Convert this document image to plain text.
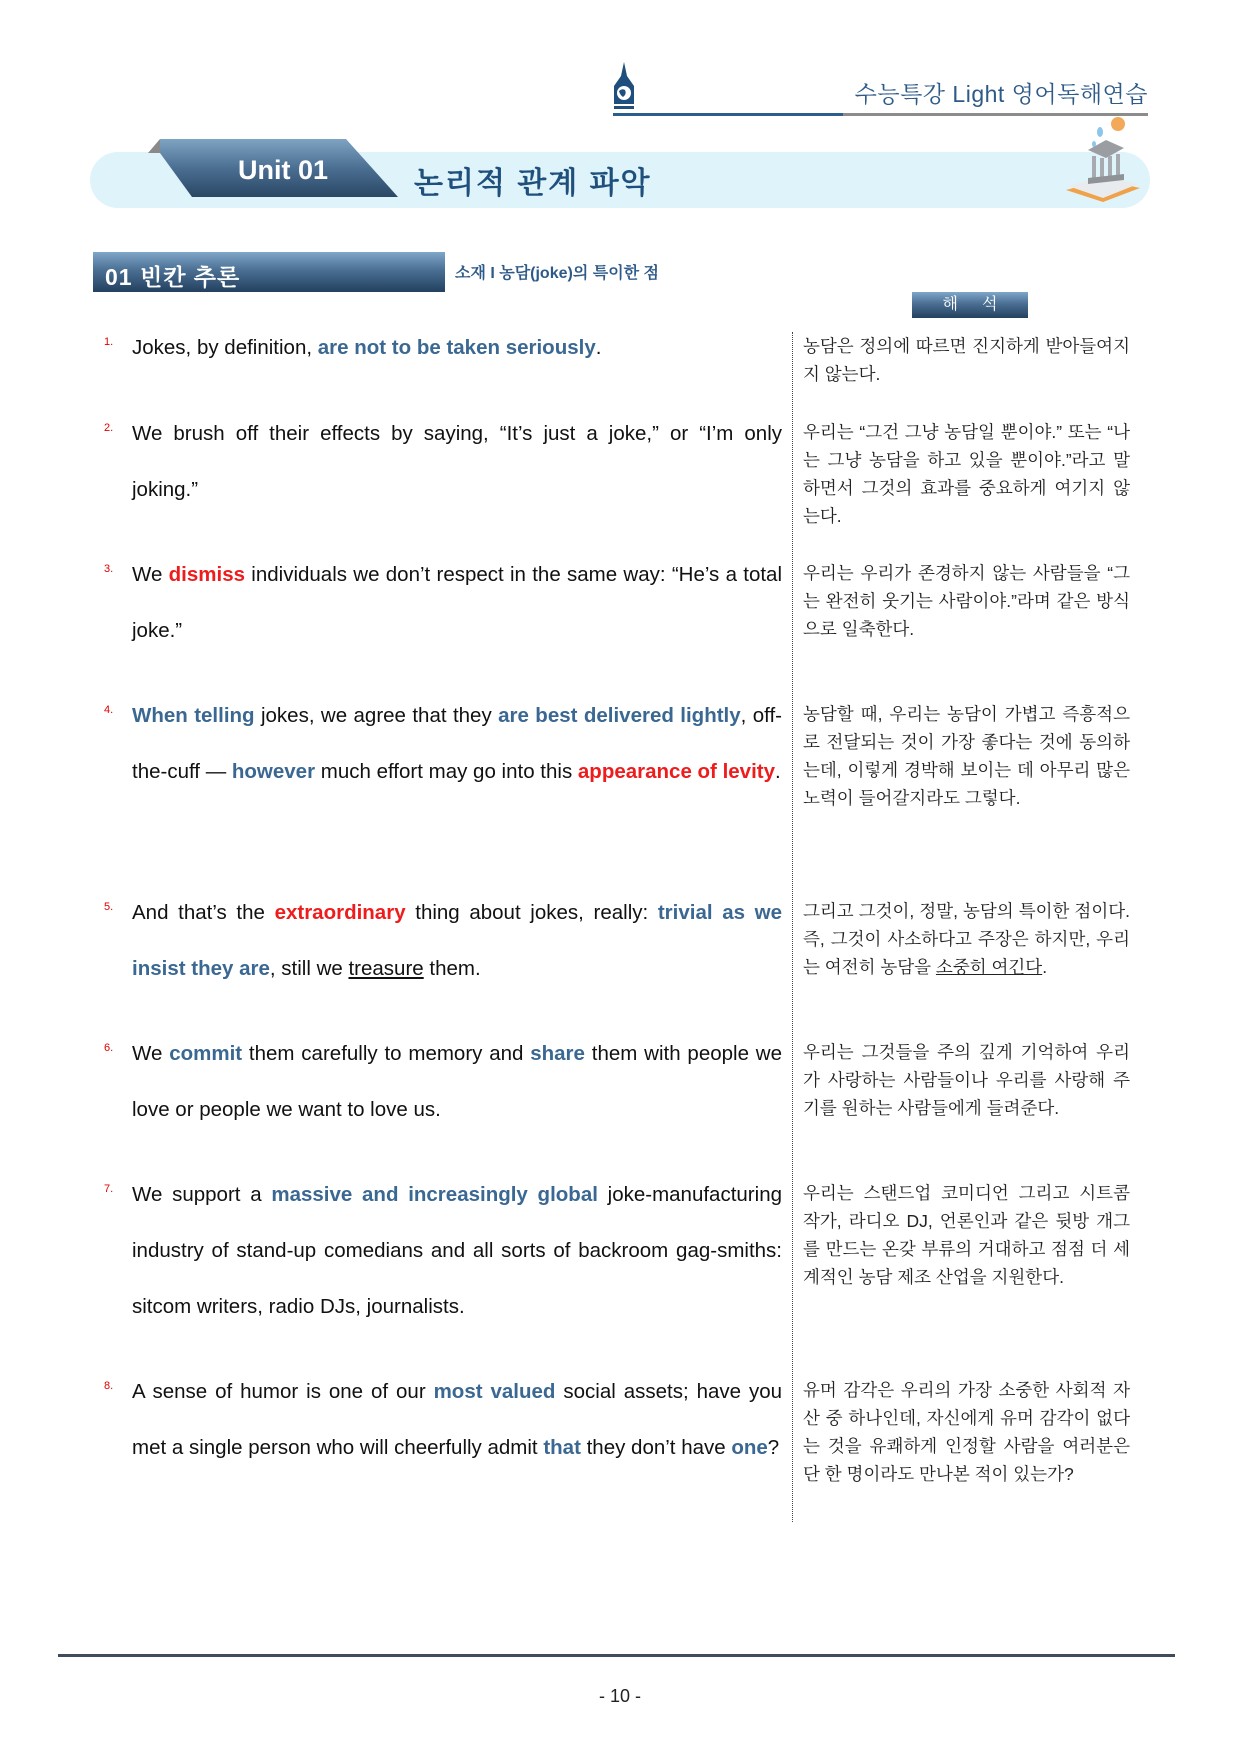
수능특강 Light 영어독해연습
Unit 01	논리적 관계 파악
01 빈칸 추론	소재 I 농담(joke)의 특이한 점
해석
1. Jokes, by definition, are not to be taken seriously.	농담은 정의에 따르면 진지하게 받아들여지지 않는다.
2. We brush off their effects by saying, “It’s just a joke,” or “I’m only joking.”
우리는 “그건 그냥 농담일 뿐이야.” 또는 “나는 그냥 농담을 하고 있을 뿐이야.”라고 말하면서 그것의 효과를 중요하게 여기지 않는다.
3. We dismiss individuals we don’t respect in the same way: “He’s a total joke.”
우리는 우리가 존경하지 않는 사람들을 “그는 완전히 웃기는 사람이야.”라며 같은 방식으로 일축한다.
4. When telling jokes, we agree that they are best delivered lightly, off-the-cuff — however much effort may go into this appearance of levity.
농담할 때, 우리는 농담이 가볍고 즉흥적으로 전달되는 것이 가장 좋다는 것에 동의하는데, 이렇게 경박해 보이는 데 아무리 많은 노력이 들어갈지라도 그렇다.
5. And that’s the extraordinary thing about jokes, really: trivial as we insist they are, still we treasure them.
그리고 그것이, 정말, 농담의 특이한 점이다. 즉, 그것이 사소하다고 주장은 하지만, 우리는 여전히 농담을 소중히 여긴다.
6. We commit them carefully to memory and share them with people we love or people we want to love us.
우리는 그것들을 주의 깊게 기억하여 우리가 사랑하는 사람들이나 우리를 사랑해 주기를 원하는 사람들에게 들려준다.
7. We support a massive and increasingly global joke-manufacturing industry of stand-up comedians and all sorts of backroom gag-smiths: sitcom writers, radio DJs, journalists.
우리는 스탠드업 코미디언 그리고 시트콤 작가, 라디오 DJ, 언론인과 같은 뒷방 개그를 만드는 온갖 부류의 거대하고 점점 더 세계적인 농담 제조 산업을 지원한다.
8. A sense of humor is one of our most valued social assets; have you met a single person who will cheerfully admit that they don’t have one?
유머 감각은 우리의 가장 소중한 사회적 자산 중 하나인데, 자신에게 유머 감각이 없다는 것을 유쾌하게 인정할 사람을 여러분은 단 한 명이라도 만나본 적이 있는가?
- 10 -
